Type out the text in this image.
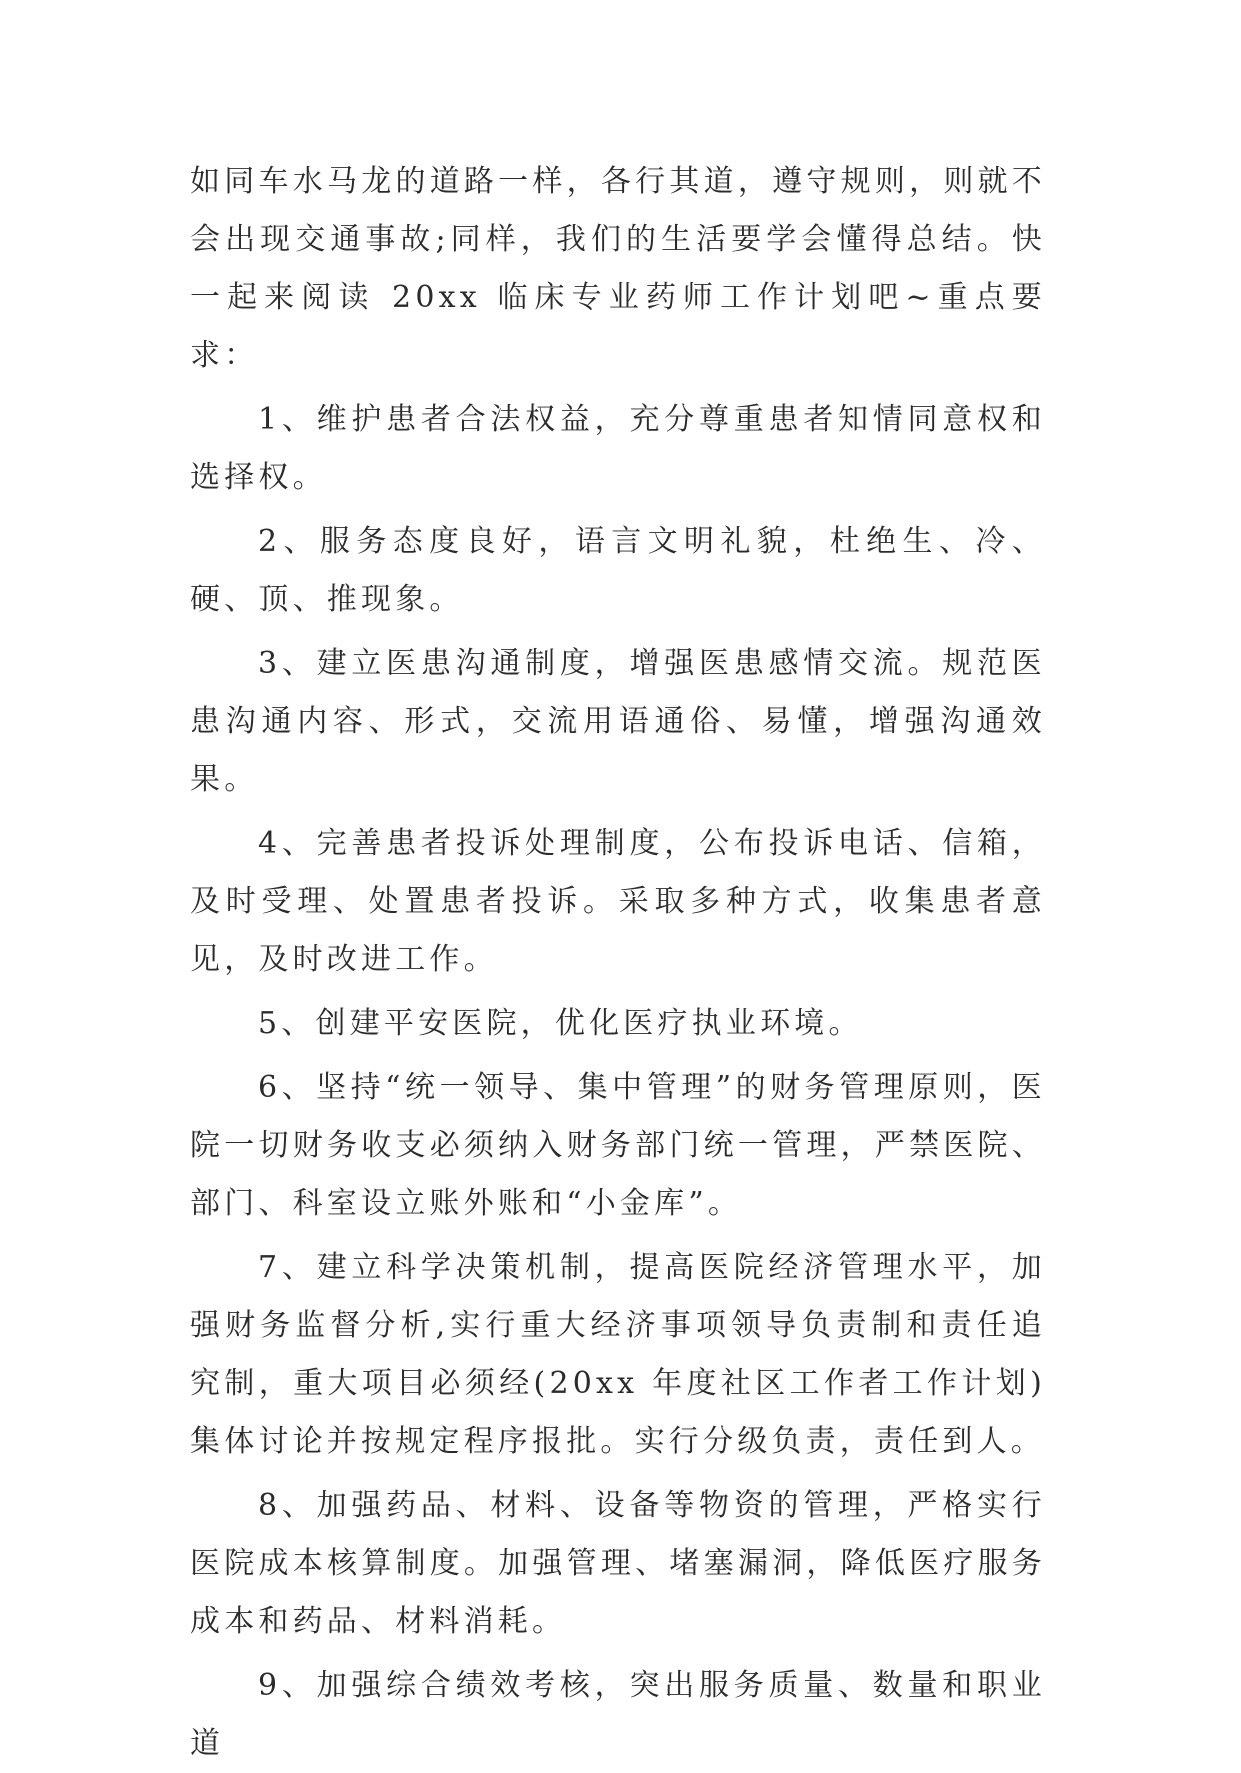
如同车水马龙的道路一样，各行其道，遵守规则，则就不会出现交通事故;同样，我们的生活要学会懂得总结。快一起来阅读 20xx 临床专业药师工作计划吧~重点要求：

1、维护患者合法权益，充分尊重患者知情同意权和选择权。

2、服务态度良好，语言文明礼貌，杜绝生、冷、硬、顶、推现象。

3、建立医患沟通制度，增强医患感情交流。规范医患沟通内容、形式，交流用语通俗、易懂，增强沟通效果。

4、完善患者投诉处理制度，公布投诉电话、信箱，及时受理、处置患者投诉。采取多种方式，收集患者意见，及时改进工作。

5、创建平安医院，优化医疗执业环境。

6、坚持“统一领导、集中管理”的财务管理原则，医院一切财务收支必须纳入财务部门统一管理，严禁医院、部门、科室设立账外账和“小金库”。

7、建立科学决策机制，提高医院经济管理水平，加强财务监督分析,实行重大经济事项领导负责制和责任追究制，重大项目必须经(20xx 年度社区工作者工作计划)集体讨论并按规定程序报批。实行分级负责，责任到人。

8、加强药品、材料、设备等物资的管理，严格实行医院成本核算制度。加强管理、堵塞漏洞，降低医疗服务成本和药品、材料消耗。

9、加强综合绩效考核，突出服务质量、数量和职业道
